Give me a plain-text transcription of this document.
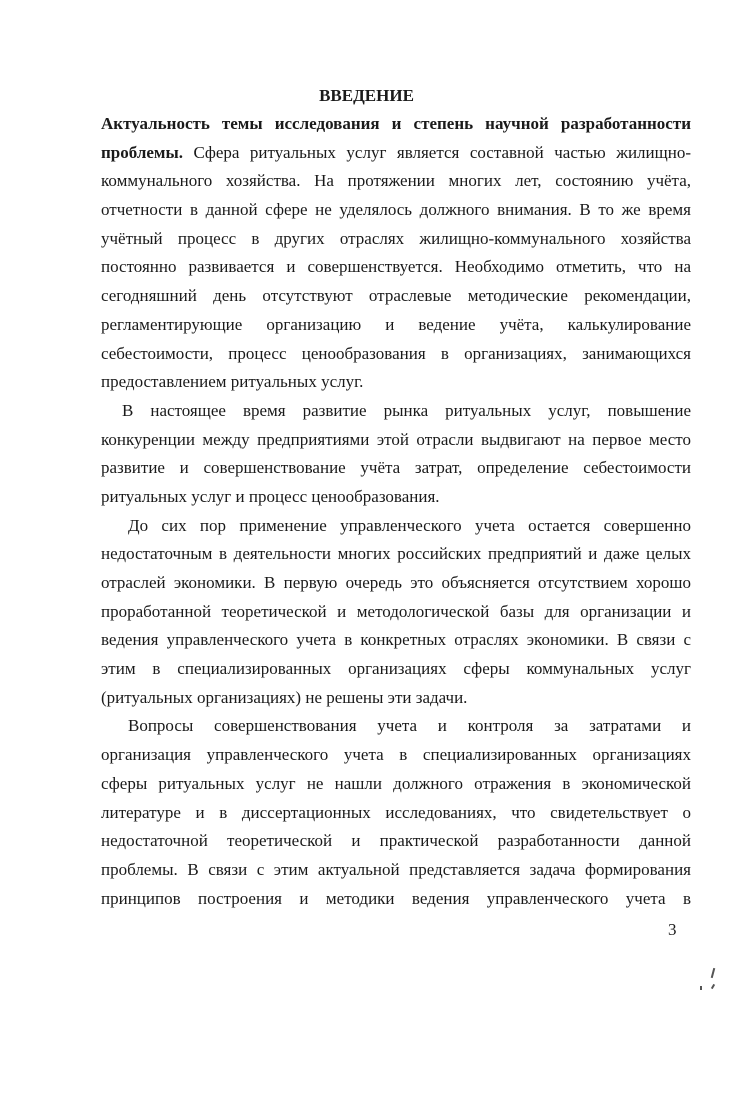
ВВЕДЕНИЕ
Актуальность темы исследования и степень научной разработанности
проблемы. Сфера ритуальных услуг является составной частью жилищно-
коммунального хозяйства. На протяжении многих лет, состоянию учёта,
отчетности в данной сфере не уделялось должного внимания. В то же время
учётный процесс в других отраслях жилищно-коммунального хозяйства
постоянно развивается и совершенствуется. Необходимо отметить, что на
сегодняшний день отсутствуют отраслевые методические рекомендации,
регламентирующие организацию и ведение учёта, калькулирование
себестоимости, процесс ценообразования в организациях, занимающихся
предоставлением ритуальных услуг.
В настоящее время развитие рынка ритуальных услуг, повышение
конкуренции между предприятиями этой отрасли выдвигают на первое место
развитие и совершенствование учёта затрат, определение себестоимости
ритуальных услуг и процесс ценообразования.
До сих пор применение управленческого учета остается совершенно
недостаточным в деятельности многих российских предприятий и даже целых
отраслей экономики. В первую очередь это объясняется отсутствием хорошо
проработанной теоретической и методологической базы для организации и
ведения управленческого учета в конкретных отраслях экономики. В связи с
этим в специализированных организациях сферы коммунальных услуг
(ритуальных организациях) не решены эти задачи.
Вопросы совершенствования учета и контроля за затратами и
организация управленческого учета в специализированных организациях
сферы ритуальных услуг не нашли должного отражения в экономической
литературе и в диссертационных исследованиях, что свидетельствует о
недостаточной теоретической и практической разработанности данной
проблемы. В связи с этим актуальной представляется задача формирования
принципов построения и методики ведения управленческого учета в
3
